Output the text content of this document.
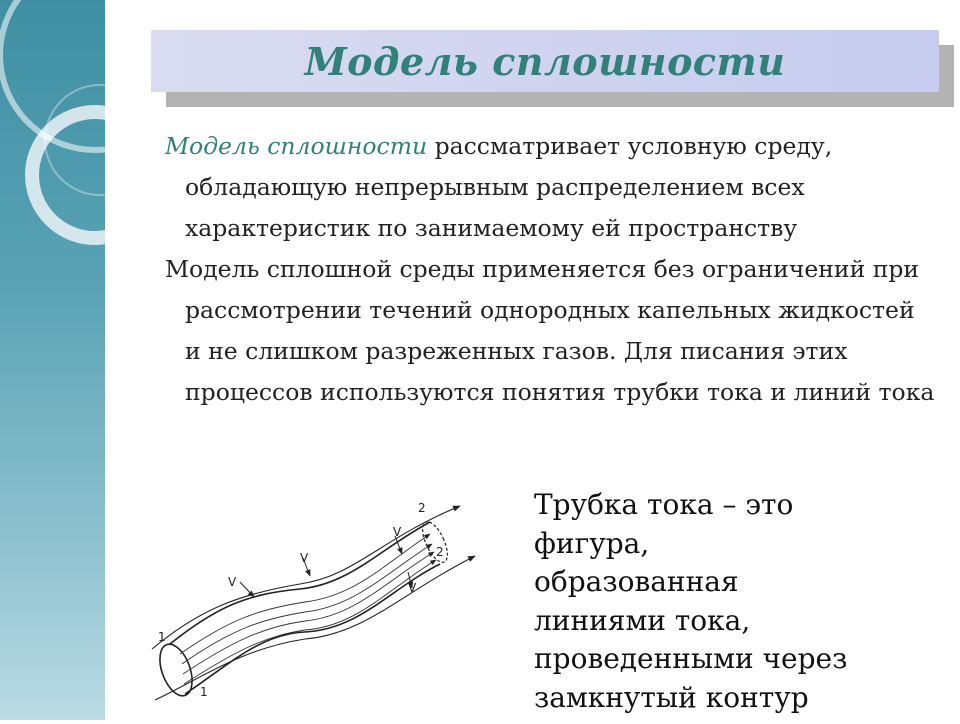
Модель сплошности

Модель сплошности рассматривает условную среду, обладающую непрерывным распределением всех характеристик по занимаемому ей пространству

Модель сплошной среды применяется без ограничений при рассмотрении течений однородных капельных жидкостей и не слишком разреженных газов. Для писания этих процессов используются понятия трубки тока и линий тока

V
V
V
V
1
1
2
2
Трубка тока – это
фигура,
образованная
линиями тока,
проведенными через
замкнутый контур
